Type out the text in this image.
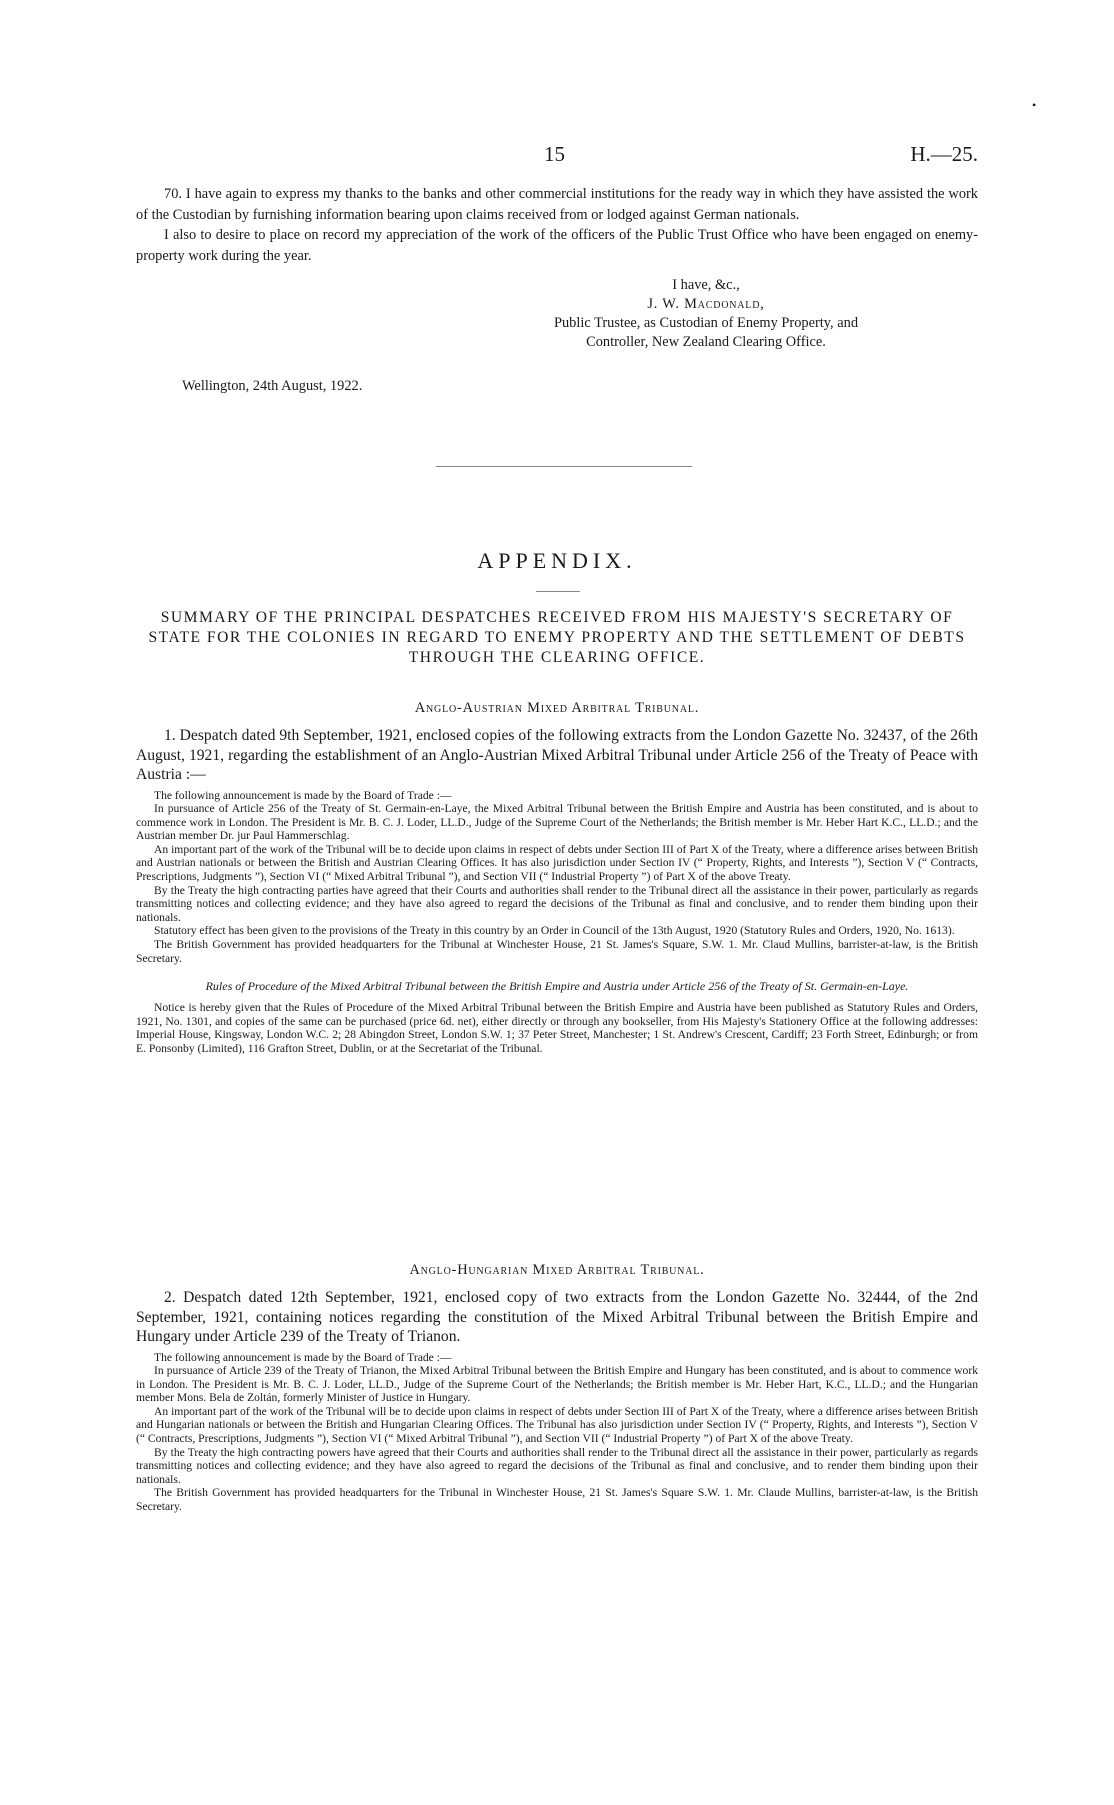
•
15	H.—25.

70. I have again to express my thanks to the banks and other commercial institutions for the ready way in which they have assisted the work of the Custodian by furnishing information bearing upon claims received from or lodged against German nationals.

I also to desire to place on record my appreciation of the work of the officers of the Public Trust Office who have been engaged on enemy-property work during the year.

I have, &c.,
J. W. Macdonald,
Public Trustee, as Custodian of Enemy Property, and
Controller, New Zealand Clearing Office.
Wellington, 24th August, 1922.
APPENDIX.
SUMMARY OF THE PRINCIPAL DESPATCHES RECEIVED FROM HIS MAJESTY'S SECRETARY OF STATE FOR THE COLONIES IN REGARD TO ENEMY PROPERTY AND THE SETTLEMENT OF DEBTS THROUGH THE CLEARING OFFICE.
Anglo-Austrian Mixed Arbitral Tribunal.

1. Despatch dated 9th September, 1921, enclosed copies of the following extracts from the London Gazette No. 32437, of the 26th August, 1921, regarding the establishment of an Anglo-Austrian Mixed Arbitral Tribunal under Article 256 of the Treaty of Peace with Austria :—

The following announcement is made by the Board of Trade :—

In pursuance of Article 256 of the Treaty of St. Germain-en-Laye, the Mixed Arbitral Tribunal between the British Empire and Austria has been constituted, and is about to commence work in London. The President is Mr. B. C. J. Loder, LL.D., Judge of the Supreme Court of the Netherlands; the British member is Mr. Heber Hart K.C., LL.D.; and the Austrian member Dr. jur Paul Hammerschlag.

An important part of the work of the Tribunal will be to decide upon claims in respect of debts under Section III of Part X of the Treaty, where a difference arises between British and Austrian nationals or between the British and Austrian Clearing Offices. It has also jurisdiction under Section IV (“ Property, Rights, and Interests ”), Section V (“ Contracts, Prescriptions, Judgments ”), Section VI (“ Mixed Arbitral Tribunal ”), and Section VII (“ Industrial Property ”) of Part X of the above Treaty.

By the Treaty the high contracting parties have agreed that their Courts and authorities shall render to the Tribunal direct all the assistance in their power, particularly as regards transmitting notices and collecting evidence; and they have also agreed to regard the decisions of the Tribunal as final and conclusive, and to render them binding upon their nationals.

Statutory effect has been given to the provisions of the Treaty in this country by an Order in Council of the 13th August, 1920 (Statutory Rules and Orders, 1920, No. 1613).

The British Government has provided headquarters for the Tribunal at Winchester House, 21 St. James's Square, S.W. 1. Mr. Claud Mullins, barrister-at-law, is the British Secretary.

Rules of Procedure of the Mixed Arbitral Tribunal between the British Empire and Austria under Article 256 of the Treaty of St. Germain-en-Laye.

Notice is hereby given that the Rules of Procedure of the Mixed Arbitral Tribunal between the British Empire and Austria have been published as Statutory Rules and Orders, 1921, No. 1301, and copies of the same can be purchased (price 6d. net), either directly or through any bookseller, from His Majesty's Stationery Office at the following addresses: Imperial House, Kingsway, London W.C. 2; 28 Abingdon Street, London S.W. 1; 37 Peter Street, Manchester; 1 St. Andrew's Crescent, Cardiff; 23 Forth Street, Edinburgh; or from E. Ponsonby (Limited), 116 Grafton Street, Dublin, or at the Secretariat of the Tribunal.

Anglo-Hungarian Mixed Arbitral Tribunal.

2. Despatch dated 12th September, 1921, enclosed copy of two extracts from the London Gazette No. 32444, of the 2nd September, 1921, containing notices regarding the constitution of the Mixed Arbitral Tribunal between the British Empire and Hungary under Article 239 of the Treaty of Trianon.

The following announcement is made by the Board of Trade :—

In pursuance of Article 239 of the Treaty of Trianon, the Mixed Arbitral Tribunal between the British Empire and Hungary has been constituted, and is about to commence work in London. The President is Mr. B. C. J. Loder, LL.D., Judge of the Supreme Court of the Netherlands; the British member is Mr. Heber Hart, K.C., LL.D.; and the Hungarian member Mons. Bela de Zoltán, formerly Minister of Justice in Hungary.

An important part of the work of the Tribunal will be to decide upon claims in respect of debts under Section III of Part X of the Treaty, where a difference arises between British and Hungarian nationals or between the British and Hungarian Clearing Offices. The Tribunal has also jurisdiction under Section IV (“ Property, Rights, and Interests ”), Section V (“ Contracts, Prescriptions, Judgments ”), Section VI (“ Mixed Arbitral Tribunal ”), and Section VII (“ Industrial Property ”) of Part X of the above Treaty.

By the Treaty the high contracting powers have agreed that their Courts and authorities shall render to the Tribunal direct all the assistance in their power, particularly as regards transmitting notices and collecting evidence; and they have also agreed to regard the decisions of the Tribunal as final and conclusive, and to render them binding upon their nationals.

The British Government has provided headquarters for the Tribunal in Winchester House, 21 St. James's Square S.W. 1. Mr. Claude Mullins, barrister-at-law, is the British Secretary.
